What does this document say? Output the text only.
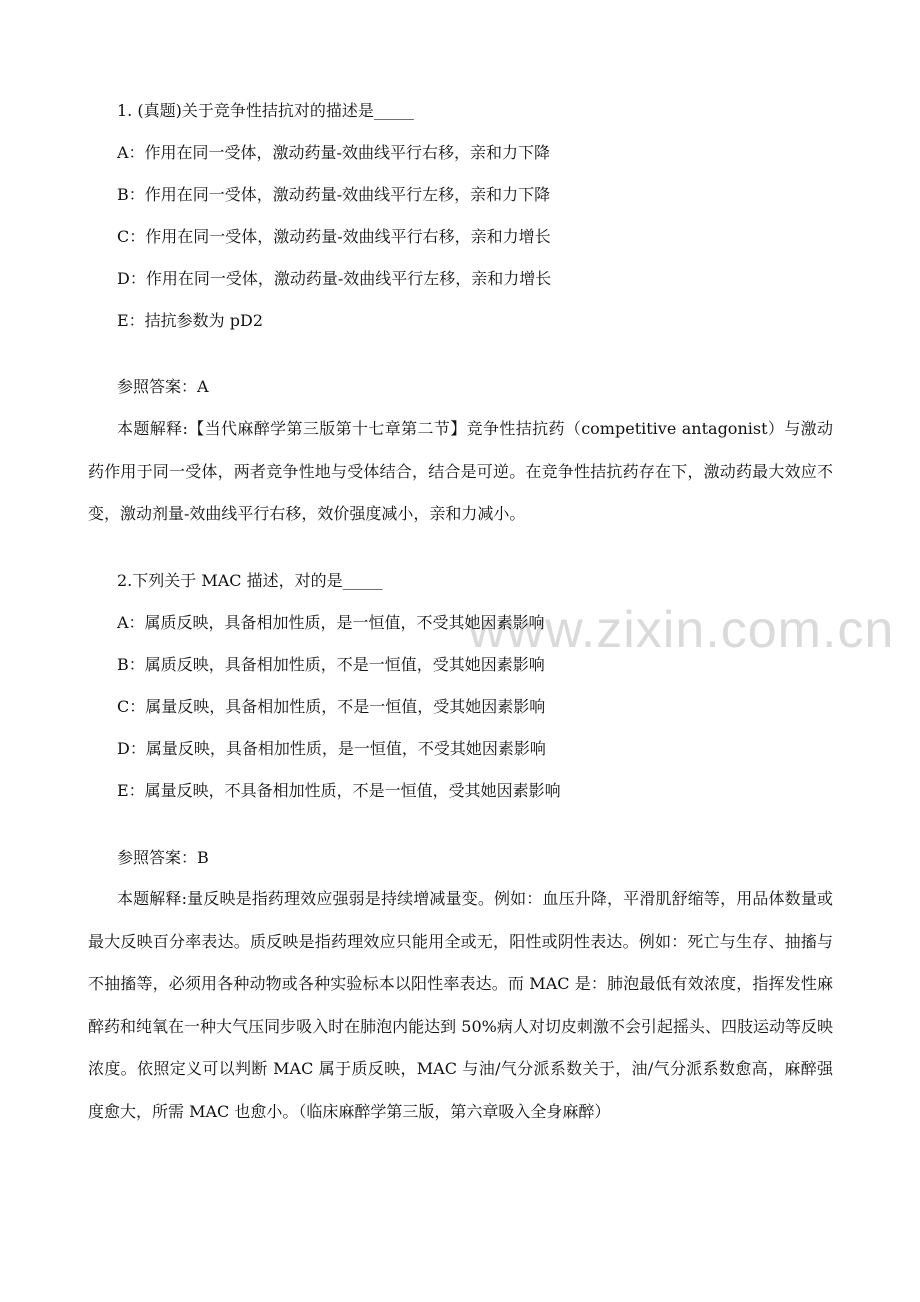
www.zixin.com.cn
1. (真题)关于竞争性拮抗对的描述是_____
A：作用在同一受体，激动药量-效曲线平行右移，亲和力下降
B：作用在同一受体，激动药量-效曲线平行左移，亲和力下降
C：作用在同一受体，激动药量-效曲线平行右移，亲和力增长
D：作用在同一受体，激动药量-效曲线平行左移，亲和力增长
E：拮抗参数为 pD2
参照答案：A
本题解释:【当代麻醉学第三版第十七章第二节】竞争性拮抗药（competitive antagonist）与激动药作用于同一受体，两者竞争性地与受体结合，结合是可逆。在竞争性拮抗药存在下，激动药最大效应不变，激动剂量-效曲线平行右移，效价强度减小，亲和力减小。
2.下列关于 MAC 描述，对的是_____
A：属质反映，具备相加性质，是一恒值，不受其她因素影响
B：属质反映，具备相加性质，不是一恒值，受其她因素影响
C：属量反映，具备相加性质，不是一恒值，受其她因素影响
D：属量反映，具备相加性质，是一恒值，不受其她因素影响
E：属量反映，不具备相加性质，不是一恒值，受其她因素影响
参照答案：B
本题解释:量反映是指药理效应强弱是持续增减量变。例如：血压升降，平滑肌舒缩等，用品体数量或最大反映百分率表达。质反映是指药理效应只能用全或无，阳性或阴性表达。例如：死亡与生存、抽搐与不抽搐等，必须用各种动物或各种实验标本以阳性率表达。而 MAC 是：肺泡最低有效浓度，指挥发性麻醉药和纯氧在一种大气压同步吸入时在肺泡内能达到 50%病人对切皮刺激不会引起摇头、四肢运动等反映浓度。依照定义可以判断 MAC 属于质反映，MAC 与油/气分派系数关于，油/气分派系数愈高，麻醉强度愈大，所需 MAC 也愈小。（临床麻醉学第三版，第六章吸入全身麻醉）
